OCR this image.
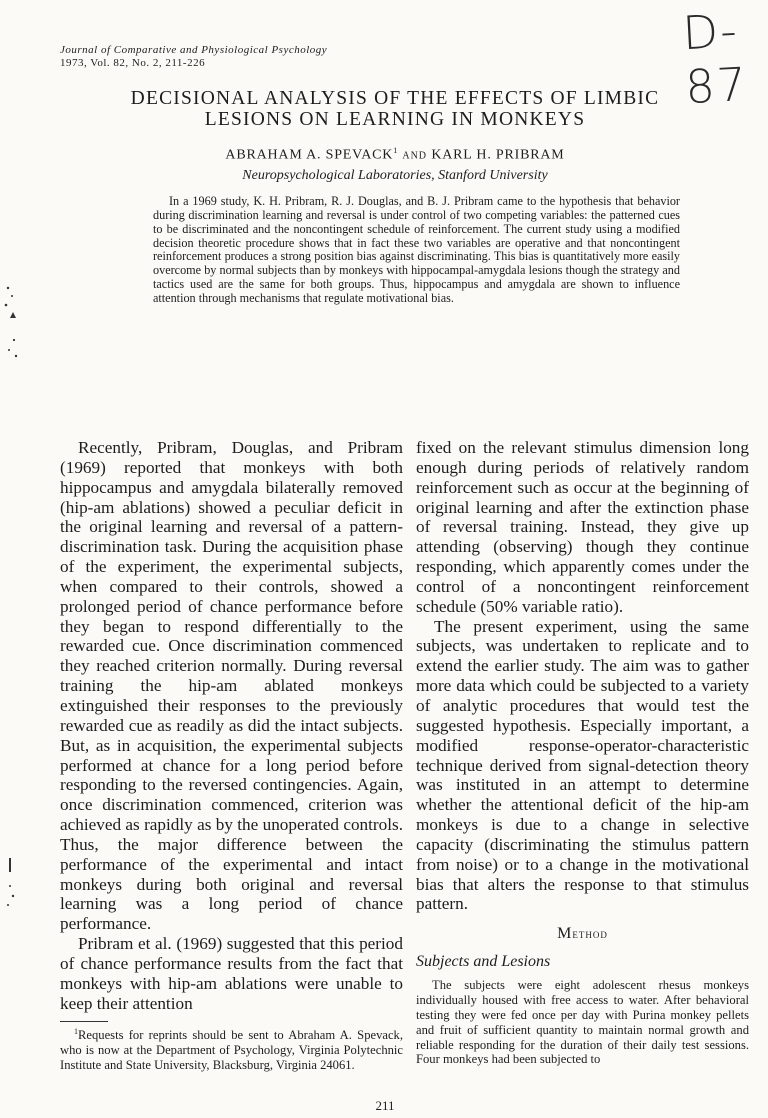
D-87
Journal of Comparative and Physiological Psychology
1973, Vol. 82, No. 2, 211-226
DECISIONAL ANALYSIS OF THE EFFECTS OF LIMBIC LESIONS ON LEARNING IN MONKEYS
ABRAHAM A. SPEVACK$^1$ AND KARL H. PRIBRAM
Neuropsychological Laboratories, Stanford University
In a 1969 study, K. H. Pribram, R. J. Douglas, and B. J. Pribram came to the hypothesis that behavior during discrimination learning and reversal is under control of two competing variables: the patterned cues to be discriminated and the noncontingent schedule of reinforcement. The current study using a modified decision theoretic procedure shows that in fact these two variables are operative and that noncontingent reinforcement produces a strong position bias against discriminating. This bias is quantitatively more easily overcome by normal subjects than by monkeys with hippocampal-amygdala lesions though the strategy and tactics used are the same for both groups. Thus, hippocampus and amygdala are shown to influence attention through mechanisms that regulate motivational bias.

Recently, Pribram, Douglas, and Pribram (1969) reported that monkeys with both hippocampus and amygdala bilaterally removed (hip-am ablations) showed a peculiar deficit in the original learning and reversal of a pattern-discrimination task. During the acquisition phase of the experiment, the experimental subjects, when compared to their controls, showed a prolonged period of chance performance before they began to respond differentially to the rewarded cue. Once discrimination commenced they reached criterion normally. During reversal training the hip-am ablated monkeys extinguished their responses to the previously rewarded cue as readily as did the intact subjects. But, as in acquisition, the experimental subjects performed at chance for a long period before responding to the reversed contingencies. Again, once discrimination commenced, criterion was achieved as rapidly as by the unoperated controls. Thus, the major difference between the performance of the experimental and intact monkeys during both original and reversal learning was a long period of chance performance.

Pribram et al. (1969) suggested that this period of chance performance results from the fact that monkeys with hip-am ablations were unable to keep their attention

fixed on the relevant stimulus dimension long enough during periods of relatively random reinforcement such as occur at the beginning of original learning and after the extinction phase of reversal training. Instead, they give up attending (observing) though they continue responding, which apparently comes under the control of a noncontingent reinforcement schedule (50% variable ratio).

The present experiment, using the same subjects, was undertaken to replicate and to extend the earlier study. The aim was to gather more data which could be subjected to a variety of analytic procedures that would test the suggested hypothesis. Especially important, a modified response-operator-characteristic technique derived from signal-detection theory was instituted in an attempt to determine whether the attentional deficit of the hip-am monkeys is due to a change in selective capacity (discriminating the stimulus pattern from noise) or to a change in the motivational bias that alters the response to that stimulus pattern.

Method
Subjects and Lesions

The subjects were eight adolescent rhesus monkeys individually housed with free access to water. After behavioral testing they were fed once per day with Purina monkey pellets and fruit of sufficient quantity to maintain normal growth and reliable responding for the duration of their daily test sessions. Four monkeys had been subjected to

$^1$Requests for reprints should be sent to Abraham A. Spevack, who is now at the Department of Psychology, Virginia Polytechnic Institute and State University, Blacksburg, Virginia 24061.
211
